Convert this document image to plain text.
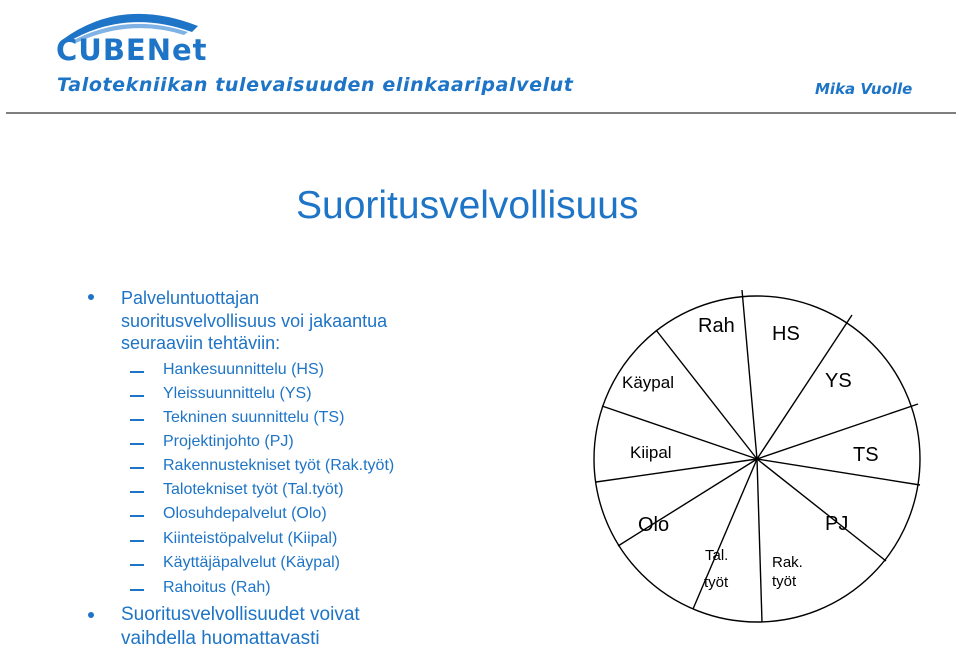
CUBENet
Talotekniikan tulevaisuuden elinkaaripalvelut	Mika Vuolle
Suoritusvelvollisuus
Palveluntuottajan
suoritusvelvollisuus voi jakaantua
seuraaviin tehtäviin:
Hankesuunnittelu (HS)
Yleissuunnittelu (YS)
Tekninen suunnittelu (TS)
Projektinjohto (PJ)
Rakennustekniset työt (Rak.työt)
Talotekniset työt (Tal.työt)
Olosuhdepalvelut (Olo)
Kiinteistöpalvelut (Kiipal)
Käyttäjäpalvelut (Käypal)
Rahoitus (Rah)
Suoritusvelvollisuudet voivat
vaihdella huomattavasti
Rah HS
YS
TS
PJ
Rak.
työt
Tal.
työt
Olo
Kiipal
Käypal
